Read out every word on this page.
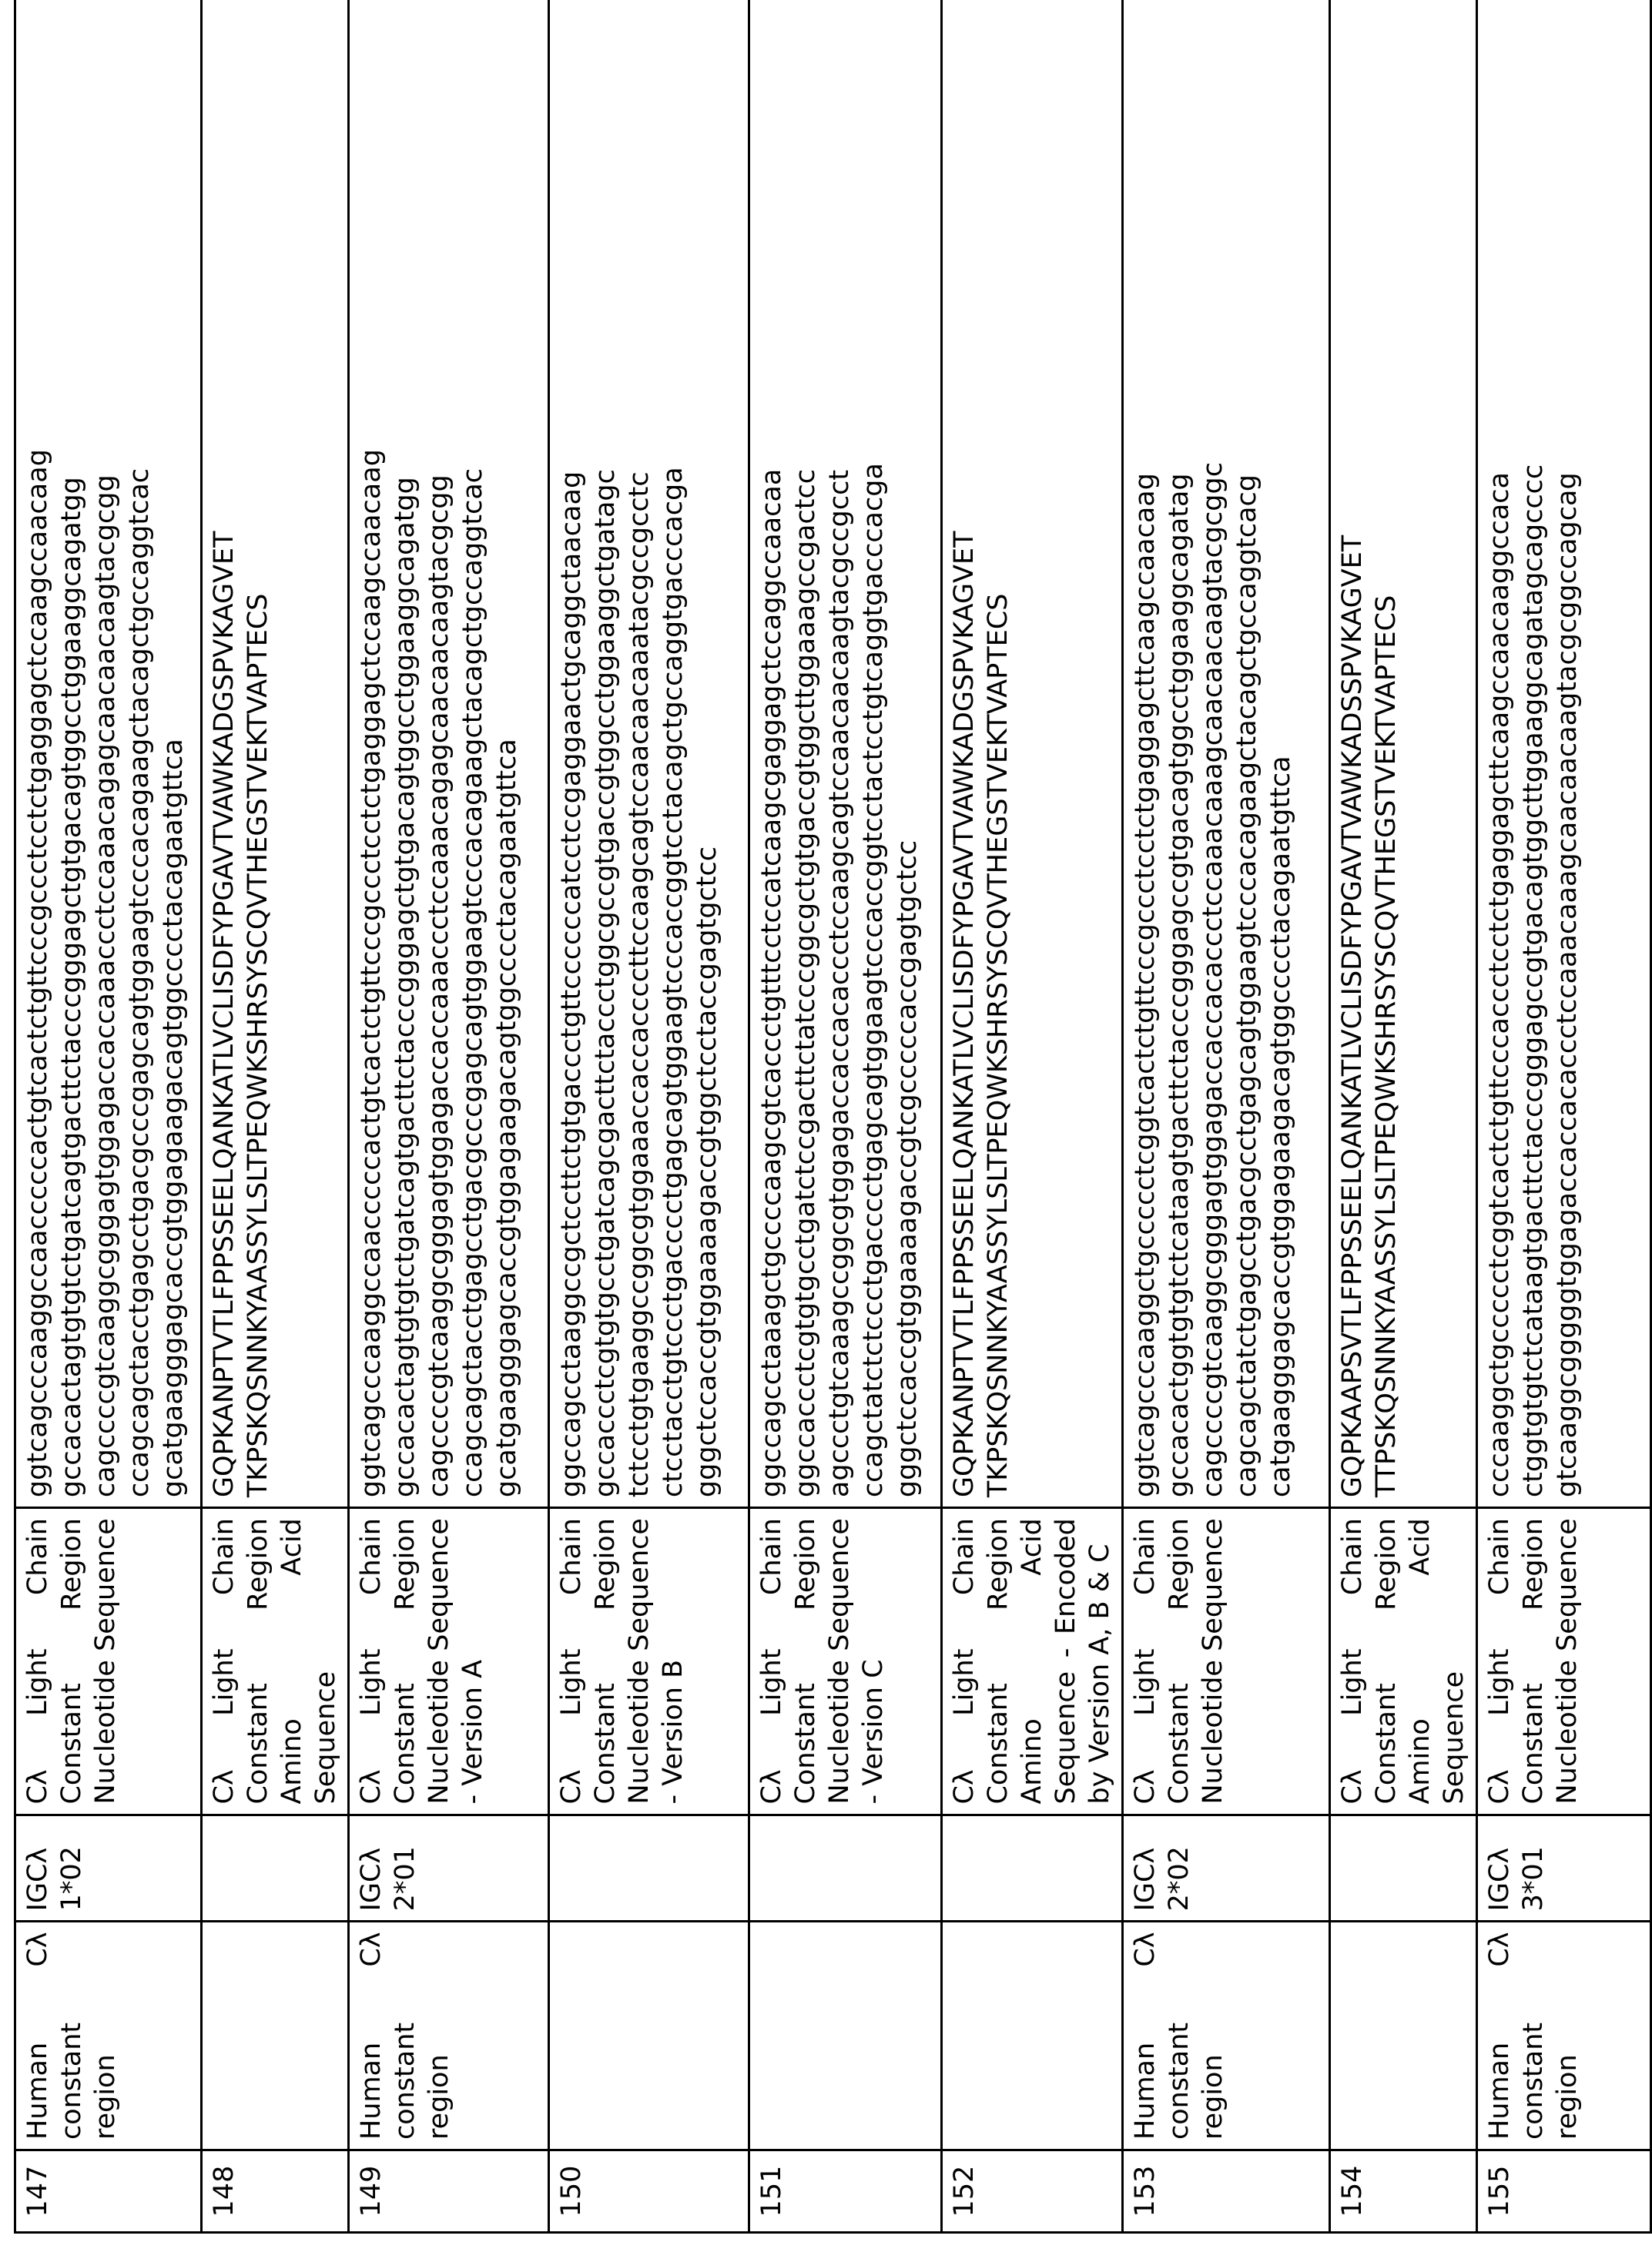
147	Human Cλ constant region	IGCλ 1*02	Cλ Light Chain Constant Region Nucleotide Sequence	
ggtcagcccaaggccaacccccactgtcactctgttcccgccctcctctgaggagctccaagccaacaag gccacactagtgtgtctgatcagtgacttctacccgggagctgtgacagtggcctggaaggcagatgg cagccccgtcaaggcgggagtggagaccaccaaaccctccaaacagagcaacaacaagtacgcgg ccagcagctacctgagcctgacgcccgagcagtggaagtcccacagaagctacagctgccaggtcac gcatgaagggagcaccgtggagaagacagtggcccctacagaatgttca

148			Cλ Light Chain Constant Region Amino Acid Sequence	
GQPKANPTVTLFPPSSEELQANKATLVCLISDFYPGAVTVAWKADGSPVKAGVET TKPSKQSNNKYAASSYLSLTPEQWKSHRSYSCQVTHEGSTVEKTVAPTECS

149	Human Cλ constant region	IGCλ 2*01	Cλ Light Chain Constant Region Nucleotide Sequence - Version A	
ggtcagcccaaggccaacccccactgtcactctgttcccgccctcctctgaggagctccaagccaacaag gccacactagtgtgtctgatcagtgacttctacccgggagctgtgacagtggcctggaaggcagatgg cagccccgtcaaggcgggagtggagaccaccaaaccctccaaacagagcaacaacaagtacgcgg ccagcagctacctgagcctgacgcccgagcagtggaagtcccacagaagctacagctgccaggtcac gcatgaagggagcaccgtggagaagacagtggcccctacagaatgttca

150			Cλ Light Chain Constant Region Nucleotide Sequence - Version B	
ggccagcctaaggccgctccttctgtgaccctgttccccccatcctccgaggaactgcaggctaacaag gccaccctcgtgtgcctgatcagcgacttctaccctggcgccgtgaccgtggcctggaaggctgatagc tctcctgtgaaggccggcgtggaaaccaccaccccttccaagcagtccaacaacaaatacgccgcctc ctcctacctgtccctgacccctgagcagtggaagtcccaccggtcctacagctgccaggtgacccacga gggctccaccgtggaaaagaccgtggctcctaccgagtgctcc

151			Cλ Light Chain Constant Region Nucleotide Sequence - Version C	
ggccagcctaaagctgccccaagcgtcaccctgtttcctccatcaagcgaggagctccaggccaacaa ggccaccctcgtgtgcctgatctccgacttctatcccggcgctgtgaccgtggcttggaaagccgactcc agccctgtcaaagccggcgtggagaccaccacaccctccaagcagtccaacaacaagtacgccgcct ccagctatctctccctgacccctgagcagtggaagtcccaccggtcctactcctgtcaggtgacccacga gggctccaccgtggaaaagaccgtcgcccccaccgagtgctcc

152			Cλ Light Chain Constant Region Amino Acid Sequence - Encoded by Version A, B & C	
GQPKANPTVTLFPPSSEELQANKATLVCLISDFYPGAVTVAWKADGSPVKAGVET TKPSKQSNNKYAASSYLSLTPEQWKSHRSYSCQVTHEGSTVEKTVAPTECS

153	Human Cλ constant region	IGCλ 2*02	Cλ Light Chain Constant Region Nucleotide Sequence	
ggtcagcccaaggctgccccctcggtcactctgttcccgccctcctctgaggagcttcaagccaacaag gccacactggtgtgtctcataagtgacttctacccgggagccgtgacagtggcctggaaggcagatag cagccccgtcaaggcgggagtggagaccaccacaccctccaaacaaagcaacaacaagtacgcggc cagcagctatctgagcctgacgcctgagcagtggaagtcccacagaagctacagctgccaggtcacg catgaagggagcaccgtggagaagacagtggcccctacagaatgttca

154			Cλ Light Chain Constant Region Amino Acid Sequence	
GQPKAAPSVTLFPPSSEELQANKATLVCLISDFYPGAVTVAWKADSSPVKAGVET TTPSKQSNNKYAASSYLSLTPEQWKSHRSYSCQVTHEGSTVEKTVAPTECS

155	Human Cλ constant region	IGCλ 3*01	Cλ Light Chain Constant Region Nucleotide Sequence	
cccaaggctgccccctcggtcactctgttcccaccctcctctgaggagcttcaagccaacaaggccaca ctggtgtgtctcataagtgacttctacccgggagccgtgacagtggcttggaaggcagatagcagcccc gtcaaggcgggggtggagaccaccacaccctccaaacaaagcaacaacaagtacgcggccagcag
